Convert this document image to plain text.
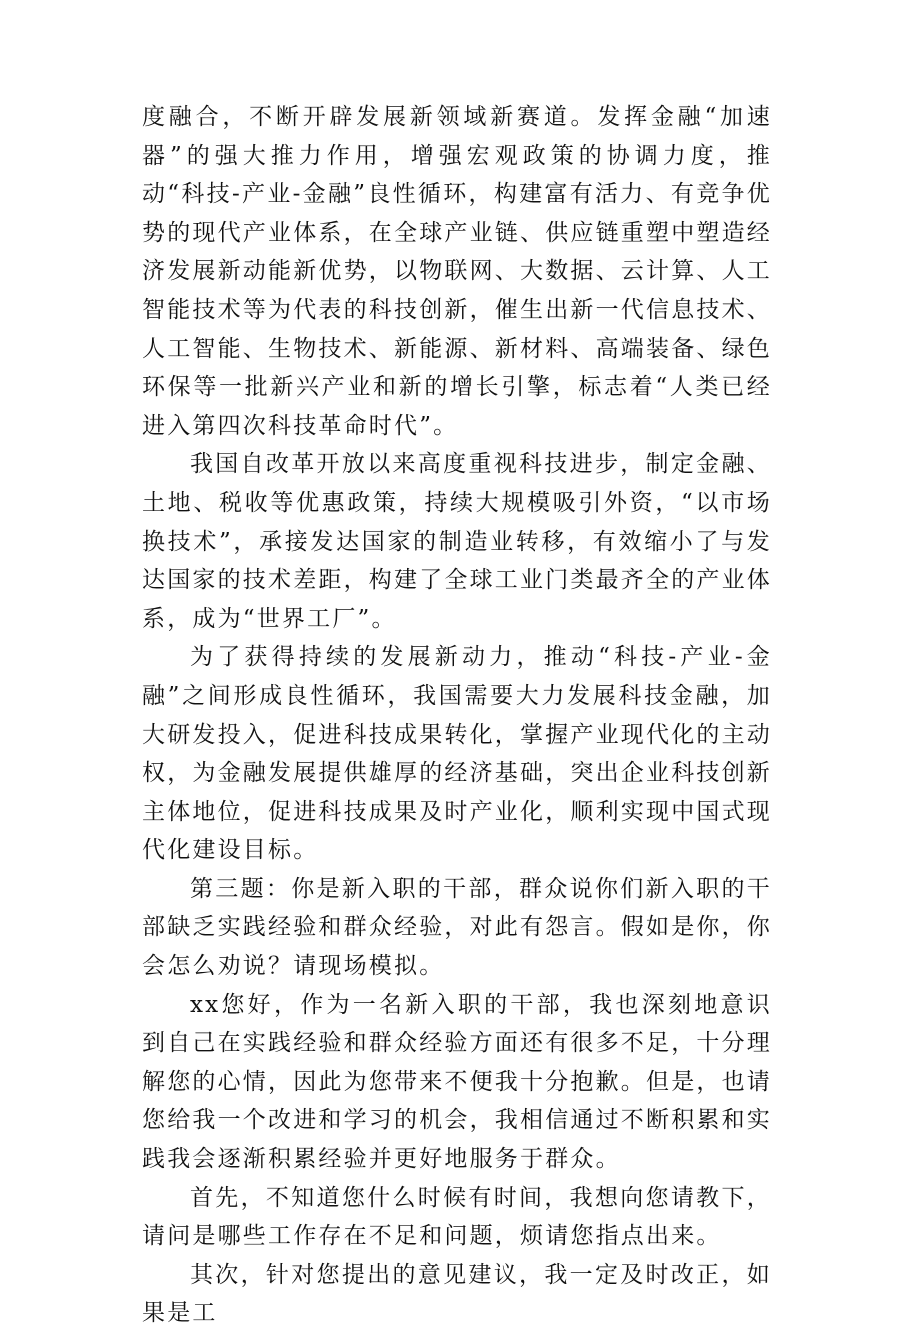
度融合，不断开辟发展新领域新赛道。发挥金融“加速器”的强大推力作用，增强宏观政策的协调力度，推动“科技-产业-金融”良性循环，构建富有活力、有竞争优势的现代产业体系，在全球产业链、供应链重塑中塑造经济发展新动能新优势，以物联网、大数据、云计算、人工智能技术等为代表的科技创新，催生出新一代信息技术、人工智能、生物技术、新能源、新材料、高端装备、绿色环保等一批新兴产业和新的增长引擎，标志着“人类已经进入第四次科技革命时代”。

我国自改革开放以来高度重视科技进步，制定金融、土地、税收等优惠政策，持续大规模吸引外资，“以市场换技术”，承接发达国家的制造业转移，有效缩小了与发达国家的技术差距，构建了全球工业门类最齐全的产业体系，成为“世界工厂”。

为了获得持续的发展新动力，推动“科技-产业-金融”之间形成良性循环，我国需要大力发展科技金融，加大研发投入，促进科技成果转化，掌握产业现代化的主动权，为金融发展提供雄厚的经济基础，突出企业科技创新主体地位，促进科技成果及时产业化，顺利实现中国式现代化建设目标。

第三题：你是新入职的干部，群众说你们新入职的干部缺乏实践经验和群众经验，对此有怨言。假如是你，你会怎么劝说？请现场模拟。

xx您好，作为一名新入职的干部，我也深刻地意识到自己在实践经验和群众经验方面还有很多不足，十分理解您的心情，因此为您带来不便我十分抱歉。但是，也请您给我一个改进和学习的机会，我相信通过不断积累和实践我会逐渐积累经验并更好地服务于群众。

首先，不知道您什么时候有时间，我想向您请教下，请问是哪些工作存在不足和问题，烦请您指点出来。

其次，针对您提出的意见建议，我一定及时改正，如果是工
